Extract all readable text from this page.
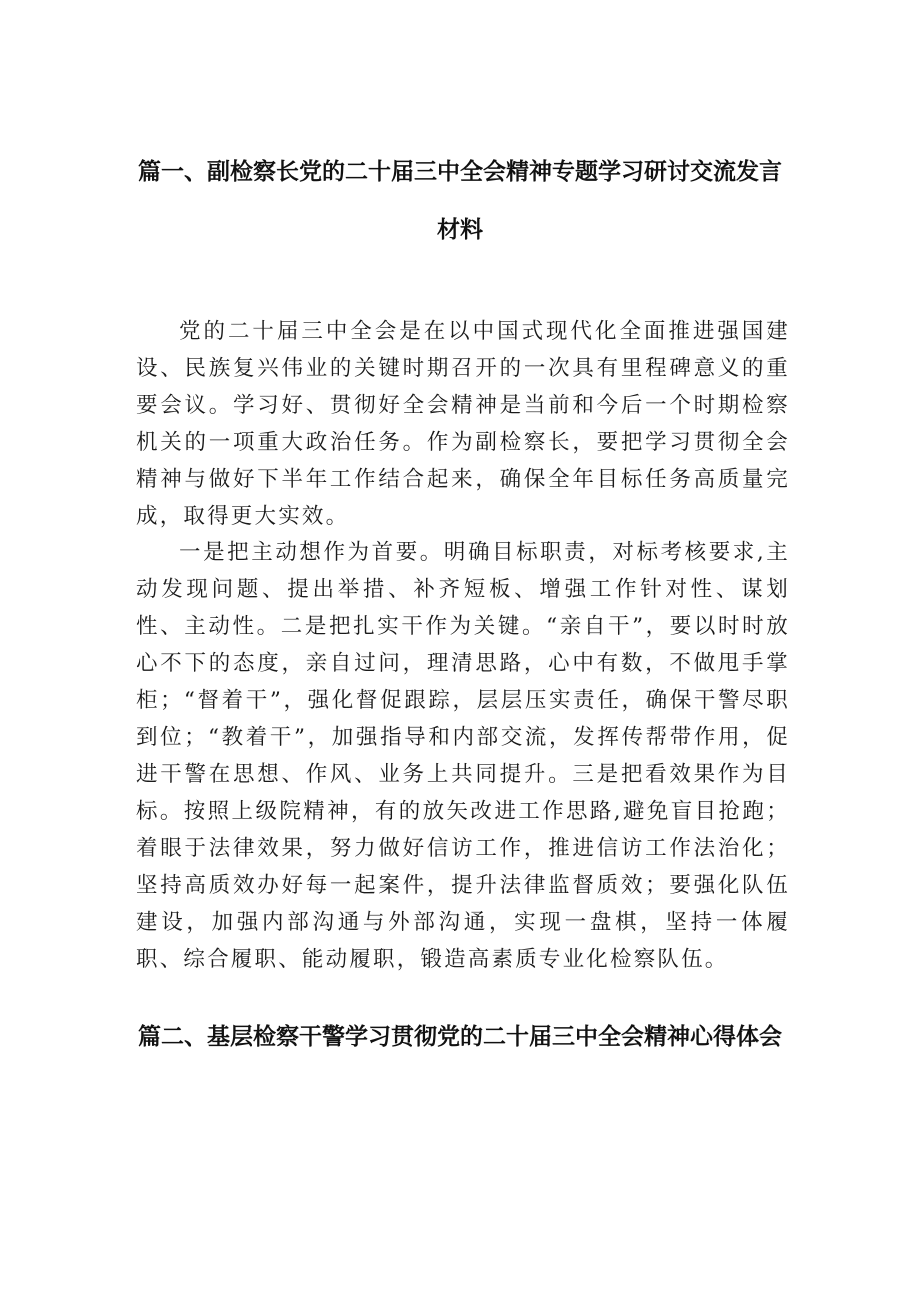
篇一、副检察长党的二十届三中全会精神专题学习研讨交流发言材料

党的二十届三中全会是在以中国式现代化全面推进强国建设、民族复兴伟业的关键时期召开的一次具有里程碑意义的重要会议。学习好、贯彻好全会精神是当前和今后一个时期检察机关的一项重大政治任务。作为副检察长，要把学习贯彻全会精神与做好下半年工作结合起来，确保全年目标任务高质量完成，取得更大实效。

一是把主动想作为首要。明确目标职责，对标考核要求,主动发现问题、提出举措、补齐短板、增强工作针对性、谋划性、主动性。二是把扎实干作为关键。“亲自干”，要以时时放心不下的态度，亲自过问，理清思路，心中有数，不做甩手掌柜；“督着干”，强化督促跟踪，层层压实责任，确保干警尽职到位；“教着干”，加强指导和内部交流，发挥传帮带作用，促进干警在思想、作风、业务上共同提升。三是把看效果作为目标。按照上级院精神，有的放矢改进工作思路,避免盲目抢跑；着眼于法律效果，努力做好信访工作，推进信访工作法治化；坚持高质效办好每一起案件，提升法律监督质效；要强化队伍建设，加强内部沟通与外部沟通，实现一盘棋，坚持一体履职、综合履职、能动履职，锻造高素质专业化检察队伍。

篇二、基层检察干警学习贯彻党的二十届三中全会精神心得体会
